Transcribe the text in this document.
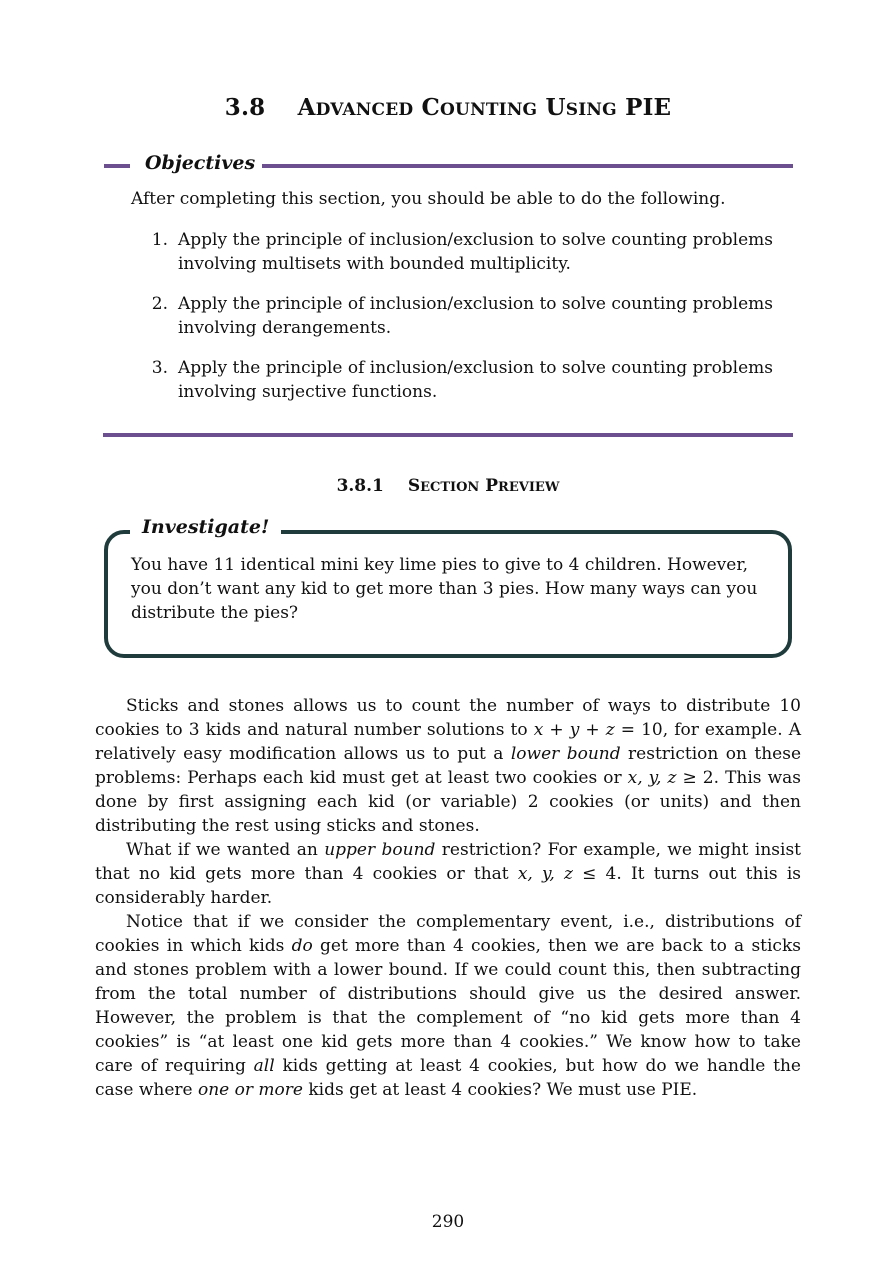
3.8 ADVANCED COUNTING USING PIE
Objectives
After completing this section, you should be able to do the following.
1. Apply the principle of inclusion/exclusion to solve counting problems involving multisets with bounded multiplicity.
2. Apply the principle of inclusion/exclusion to solve counting problems involving derangements.
3. Apply the principle of inclusion/exclusion to solve counting problems involving surjective functions.
3.8.1 SECTION PREVIEW
Investigate!
You have 11 identical mini key lime pies to give to 4 children. However, you don’t want any kid to get more than 3 pies. How many ways can you distribute the pies?

Sticks and stones allows us to count the number of ways to distribute 10 cookies to 3 kids and natural number solutions to x + y + z = 10, for example. A relatively easy modification allows us to put a lower bound restriction on these problems: Perhaps each kid must get at least two cookies or x, y, z ≥ 2. This was done by first assigning each kid (or variable) 2 cookies (or units) and then distributing the rest using sticks and stones.

What if we wanted an upper bound restriction? For example, we might insist that no kid gets more than 4 cookies or that x, y, z ≤ 4. It turns out this is considerably harder.

Notice that if we consider the complementary event, i.e., distributions of cookies in which kids do get more than 4 cookies, then we are back to a sticks and stones problem with a lower bound. If we could count this, then subtracting from the total number of distributions should give us the desired answer. However, the problem is that the complement of “no kid gets more than 4 cookies” is “at least one kid gets more than 4 cookies.” We know how to take care of requiring all kids getting at least 4 cookies, but how do we handle the case where one or more kids get at least 4 cookies? We must use PIE.

290
